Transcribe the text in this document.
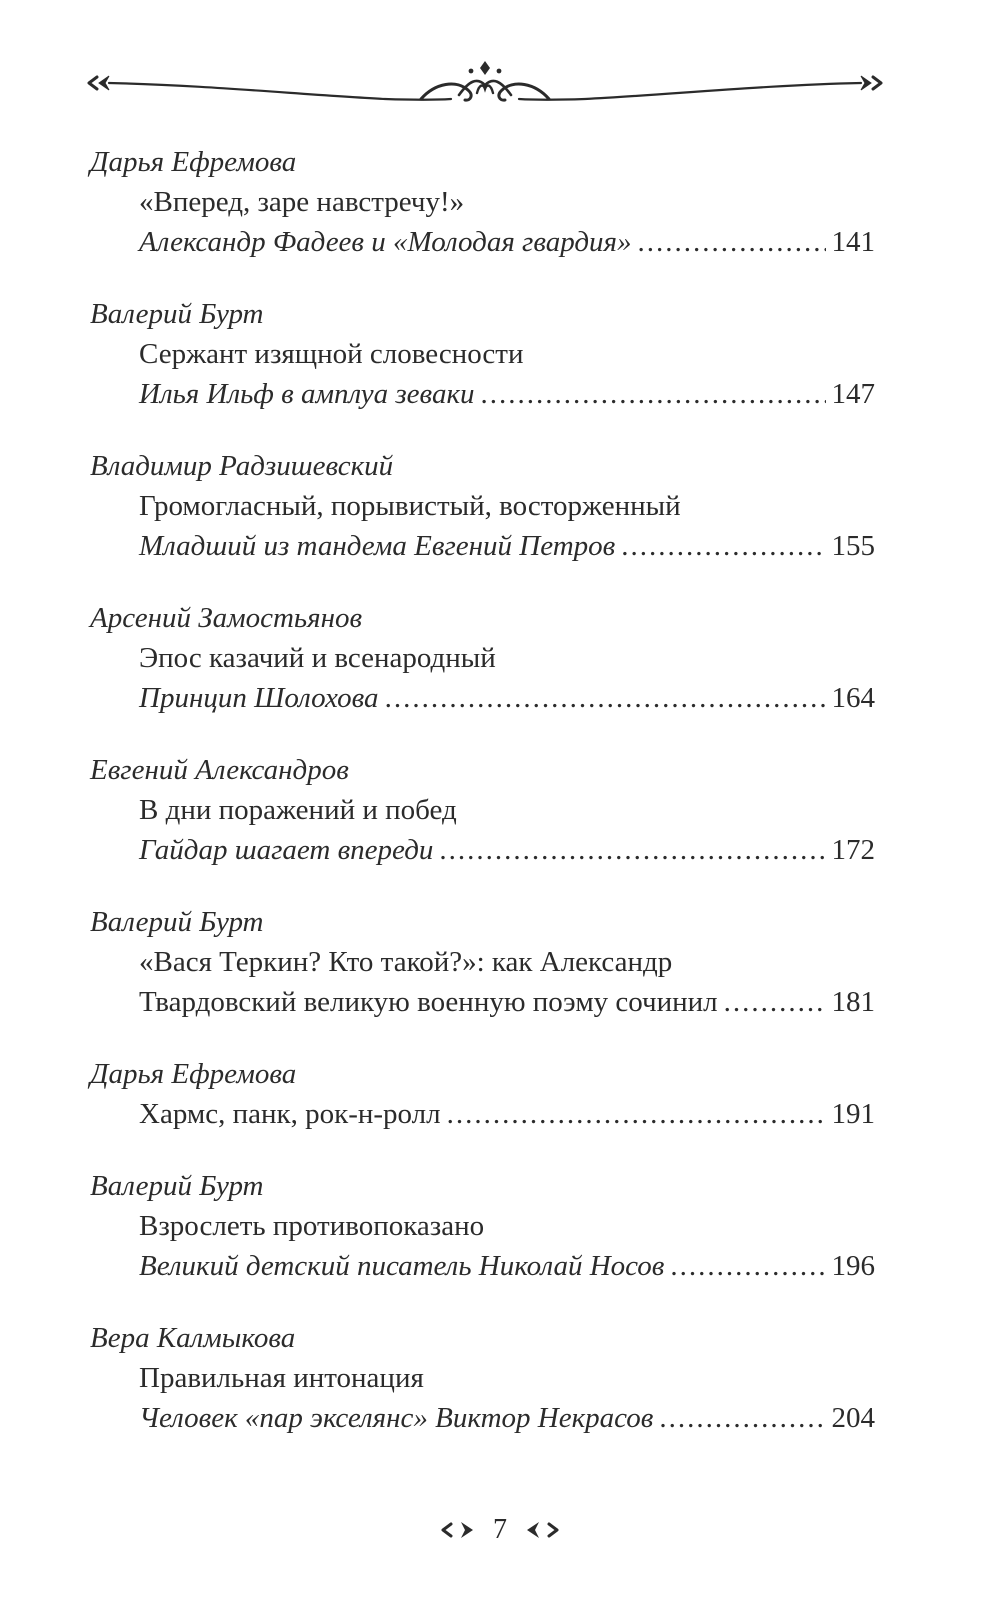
Дарья Ефремова
«Вперед, заре навстречу!»
Александр Фадеев и «Молодая гвардия» .....	141
Валерий Бурт
Сержант изящной словесности
Илья Ильф в амплуа зеваки .....	147
Владимир Радзишевский
Громогласный, порывистый, восторженный
Младший из тандема Евгений Петров .....	155
Арсений Замостьянов
Эпос казачий и всенародный
Принцип Шолохова .....	164
Евгений Александров
В дни поражений и побед
Гайдар шагает впереди .....	172
Валерий Бурт
«Вася Теркин? Кто такой?»: как Александр
Твардовский великую военную поэму сочинил .....	181
Дарья Ефремова
Хармс, панк, рок-н-ролл .....	191
Валерий Бурт
Взрослеть противопоказано
Великий детский писатель Николай Носов .....	196
Вера Калмыкова
Правильная интонация
Человек «пар экселянс» Виктор Некрасов .....	204
7
